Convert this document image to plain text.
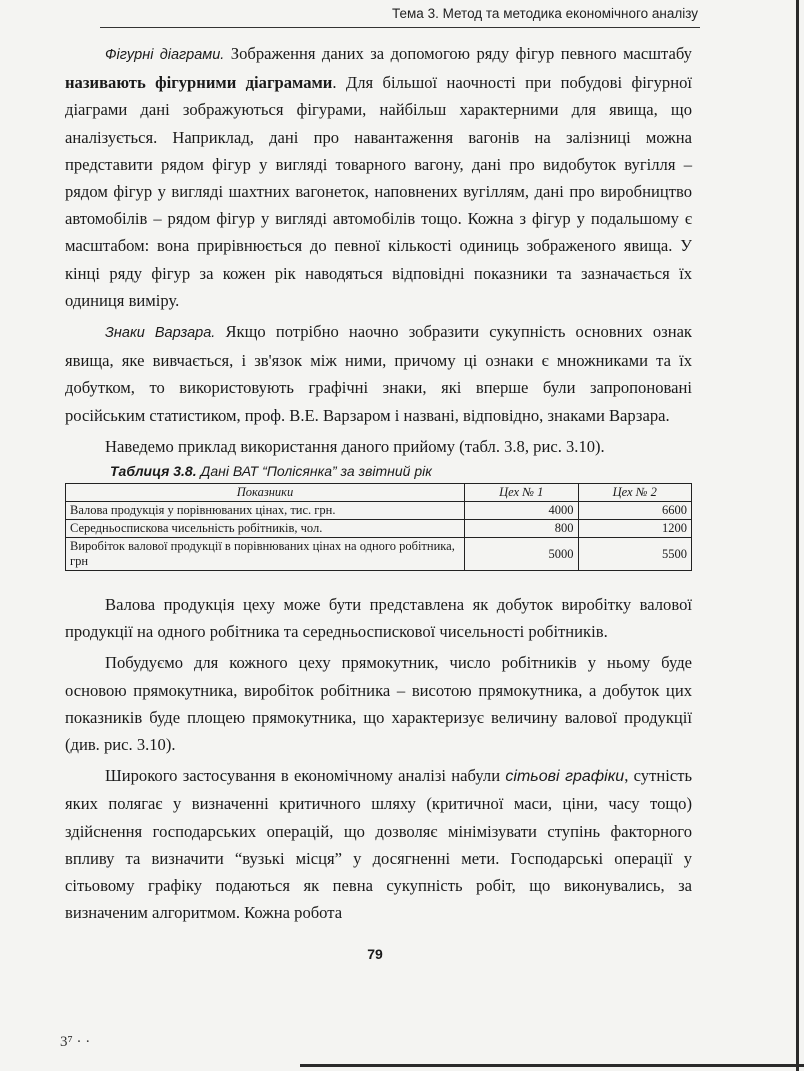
Тема 3. Метод та методика економічного аналізу

Фігурні діаграми. Зображення даних за допомогою ряду фігур певного масштабу називають фігурними діаграмами. Для більшої наочності при побудові фігурної діаграми дані зображуються фігурами, найбільш характерними для явища, що аналізується. Наприклад, дані про навантаження вагонів на залізниці можна представити рядом фігур у вигляді товарного вагону, дані про видобуток вугілля – рядом фігур у вигляді шахтних вагонеток, наповнених вугіллям, дані про виробництво автомобілів – рядом фігур у вигляді автомобілів тощо. Кожна з фігур у подальшому є масштабом: вона прирівнюється до певної кількості одиниць зображеного явища. У кінці ряду фігур за кожен рік наводяться відповідні показники та зазначається їх одиниця виміру.

Знаки Варзара. Якщо потрібно наочно зобразити сукупність основних ознак явища, яке вивчається, і зв'язок між ними, причому ці ознаки є множниками та їх добутком, то використовують графічні знаки, які вперше були запропоновані російським статистиком, проф. В.Е. Варзаром і названі, відповідно, знаками Варзара.

Наведемо приклад використання даного прийому (табл. 3.8, рис. 3.10).

Таблиця 3.8. Дані ВАТ “Полісянка” за звітний рік
Показники	Цех № 1	Цех № 2
Валова продукція у порівнюваних цінах, тис. грн.	4000	6600
Середньоспискова чисельність робітників, чол.	800	1200
Виробіток валової продукції в порівнюваних цінах на одного робітника, грн	5000	5500

Валова продукція цеху може бути представлена як добуток виробітку валової продукції на одного робітника та середньоспискової чисельності робітників.

Побудуємо для кожного цеху прямокутник, число робітників у ньому буде основою прямокутника, виробіток робітника – висотою прямокутника, а добуток цих показників буде площею прямокутника, що характеризує величину валової продукції (див. рис. 3.10).

Широкого застосування в економічному аналізі набули сітьові графіки, сутність яких полягає у визначенні критичного шляху (критичної маси, ціни, часу тощо) здійснення господарських операцій, що дозволяє мінімізувати ступінь факторного впливу та визначити “вузькі місця” у досягненні мети. Господарські операції у сітьовому графіку подаються як певна сукупність робіт, що виконувались, за визначеним алгоритмом. Кожна робота

79
3⁷ · ·
